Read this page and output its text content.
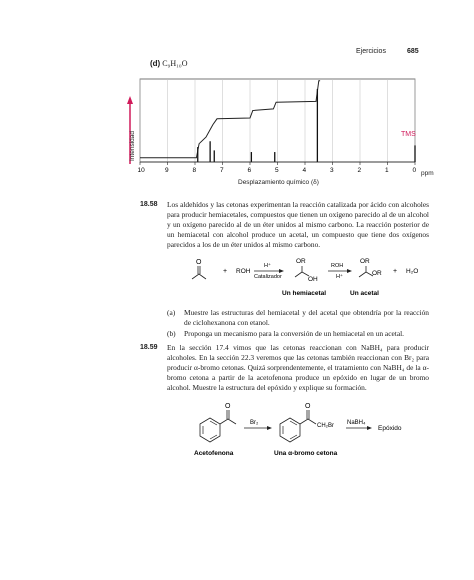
Ejercicios	685
(d) C₉H₁₀O
10	9	8	7	6	5	4	3	2	1	0
Intensidad	TMS
ppm
Desplazamiento químico (δ)
18.58 Los aldehídos y las cetonas experimentan la reacción catalizada por ácido con alcoholes para producir hemiacetales, compuestos que tienen un oxígeno parecido al de un alcohol y un oxígeno parecido al de un éter unidos al mismo carbono. La reacción posterior de un hemiacetal con alcohol produce un acetal, un compuesto que tiene dos oxígenos parecidos a los de un éter unidos al mismo carbono.
O
+ ROH
H⁺
Catalizador
OR
OH
ROH
H⁺
OR
OR + H₂O
Un hemiacetal	Un acetal
(a) Muestre las estructuras del hemiacetal y del acetal que obtendría por la reacción de ciclohexanona con etanol.
(b) Proponga un mecanismo para la conversión de un hemiacetal en un acetal.
18.59 En la sección 17.4 vimos que las cetonas reaccionan con NaBH₄ para producir alcoholes. En la sección 22.3 veremos que las cetonas también reaccionan con Br₂ para producir α-bromo cetonas. Quizá sorprendentemente, el tratamiento con NaBH₄ de la α-bromo cetona a partir de la acetofenona produce un epóxido en lugar de un bromo alcohol. Muestre la estructura del epóxido y explique su formación.
O
Br₂
O
CH₂Br NaBH₄
Epóxido
Acetofenona	Una α-bromo cetona
